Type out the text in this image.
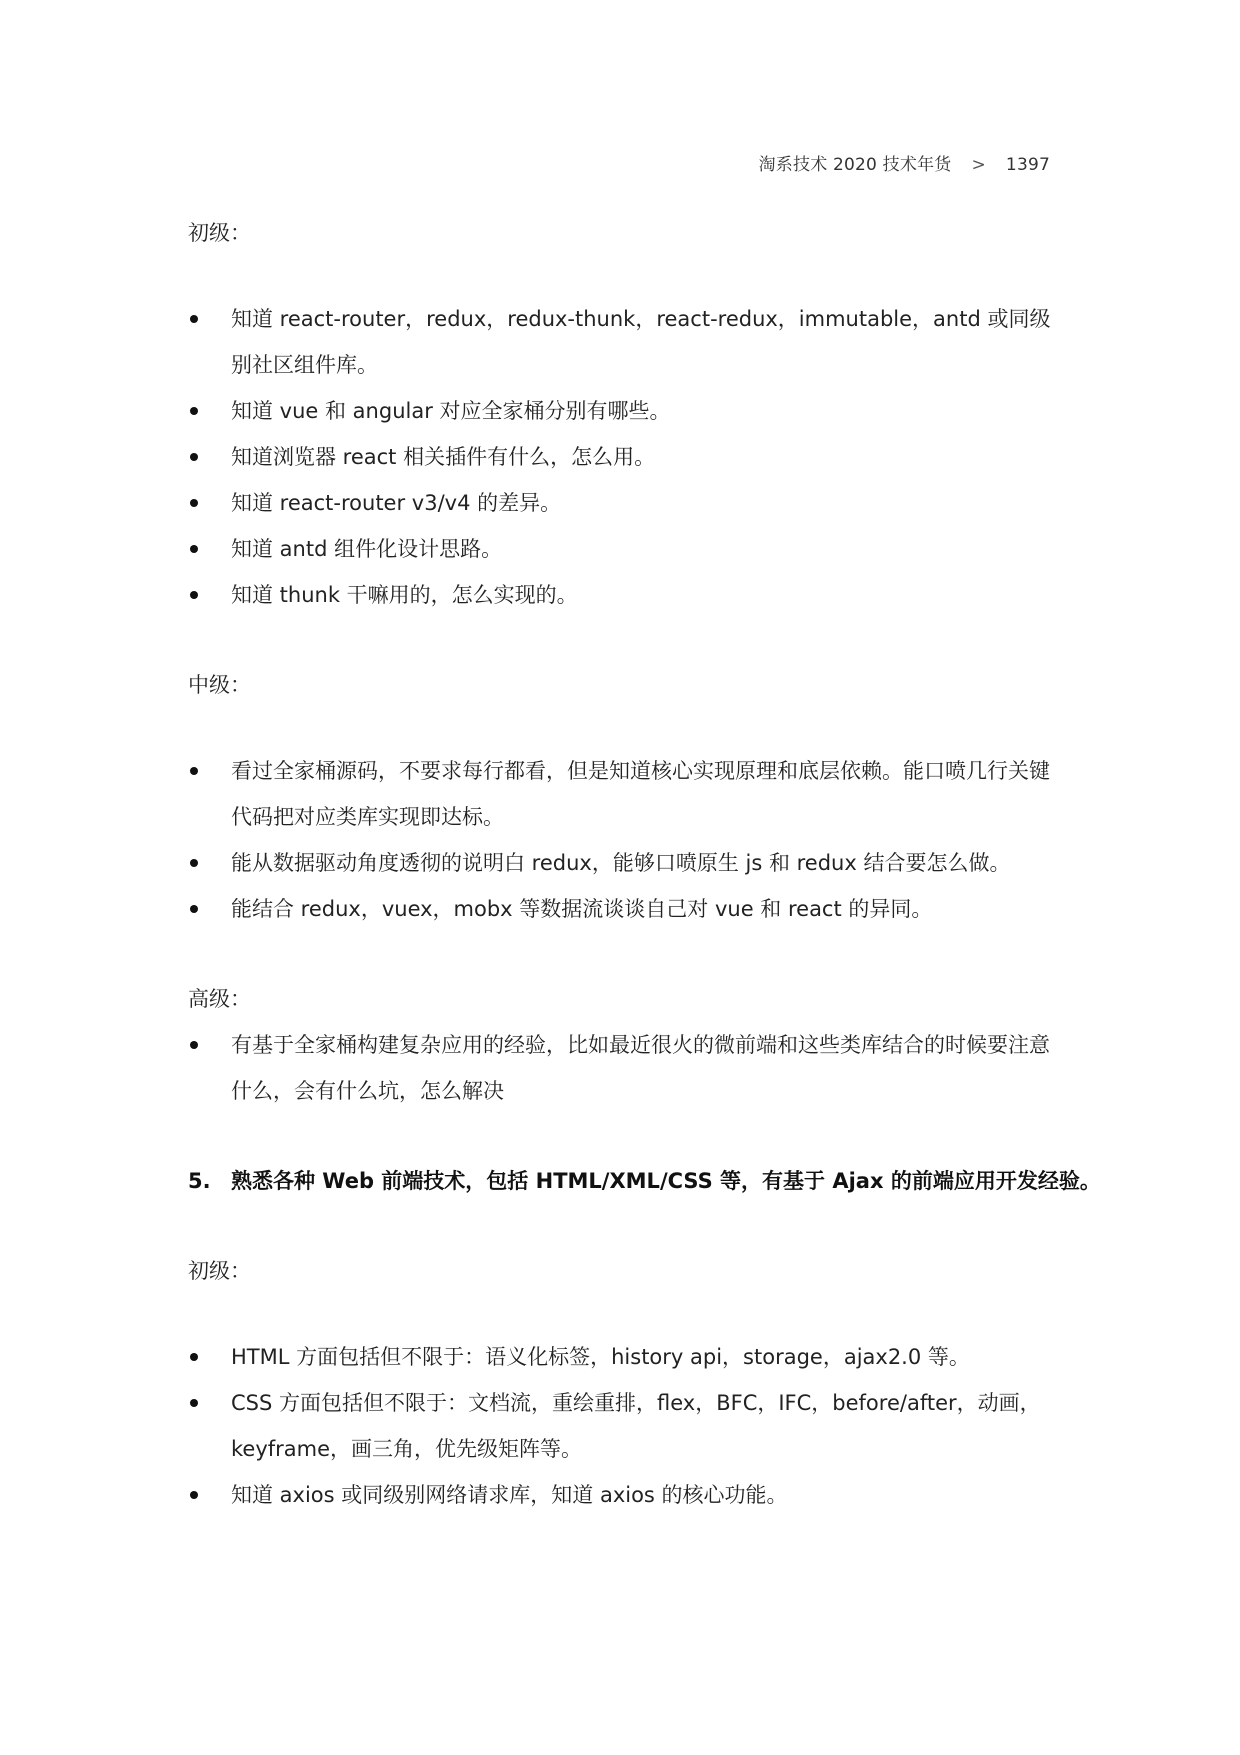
淘系技术 2020 技术年货 > 1397
初级：
知道 react-router，redux，redux-thunk，react-redux，immutable，antd 或同级别社区组件库。
知道 vue 和 angular 对应全家桶分别有哪些。
知道浏览器 react 相关插件有什么，怎么用。
知道 react-router v3/v4 的差异。
知道 antd 组件化设计思路。
知道 thunk 干嘛用的，怎么实现的。
中级：
看过全家桶源码，不要求每行都看，但是知道核心实现原理和底层依赖。能口喷几行关键代码把对应类库实现即达标。
能从数据驱动角度透彻的说明白 redux，能够口喷原生 js 和 redux 结合要怎么做。
能结合 redux，vuex，mobx 等数据流谈谈自己对 vue 和 react 的异同。
高级：
有基于全家桶构建复杂应用的经验，比如最近很火的微前端和这些类库结合的时候要注意什么，会有什么坑，怎么解决
5. 熟悉各种 Web 前端技术，包括 HTML/XML/CSS 等，有基于 Ajax 的前端应用开发经验。
初级：
HTML 方面包括但不限于：语义化标签，history api，storage，ajax2.0 等。
CSS 方面包括但不限于：文档流，重绘重排，flex，BFC，IFC，before/after，动画，keyframe，画三角，优先级矩阵等。
知道 axios 或同级别网络请求库，知道 axios 的核心功能。
